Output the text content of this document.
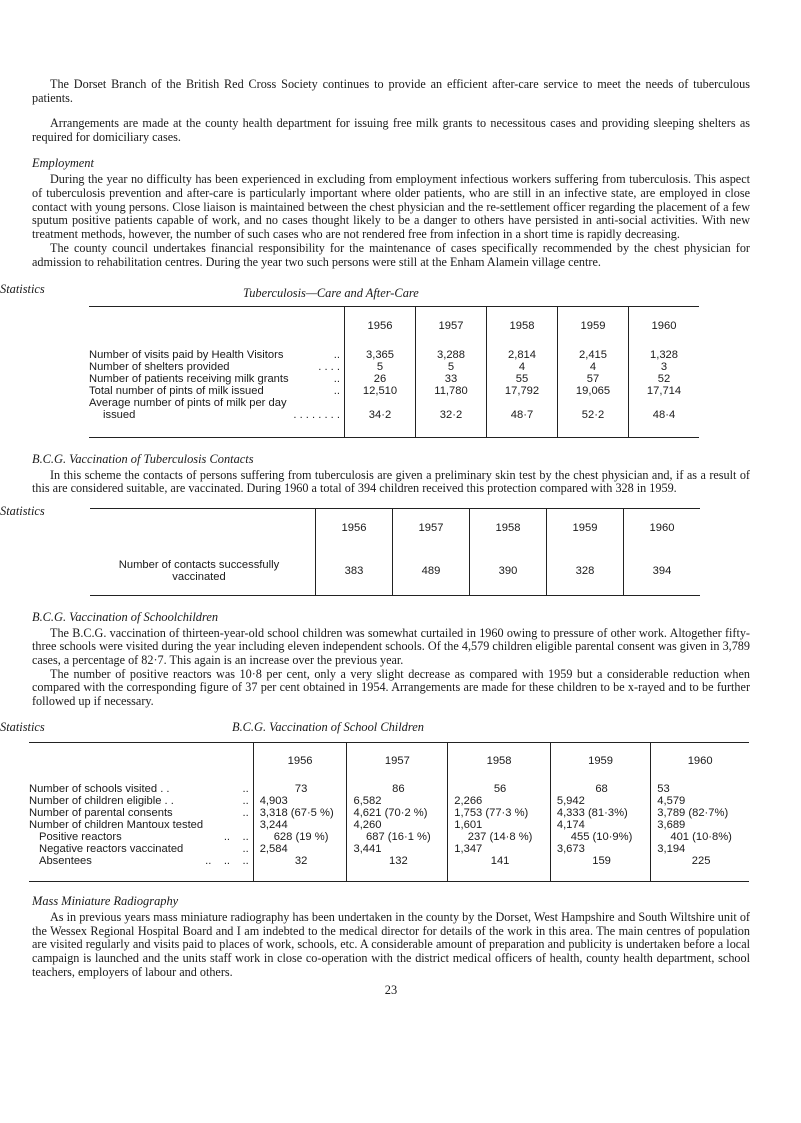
The Dorset Branch of the British Red Cross Society continues to provide an efficient after-care service to meet the needs of tuberculous patients.

Arrangements are made at the county health department for issuing free milk grants to necessitous cases and providing sleeping shelters as required for domiciliary cases.

Employment

During the year no difficulty has been experienced in excluding from employment infectious workers suffering from tuberculosis. This aspect of tuberculosis prevention and after-care is particularly important where older patients, who are still in an infective state, are employed in close contact with young persons. Close liaison is maintained between the chest physician and the re-settlement officer regarding the placement of a few sputum positive patients capable of work, and no cases thought likely to be a danger to others have persisted in anti-social activities. With new treatment methods, however, the number of such cases who are not rendered free from infection in a short time is rapidly decreasing.

The county council undertakes financial responsibility for the maintenance of cases specifically recommended by the chest physician for admission to rehabilitation centres. During the year two such persons were still at the Enham Alamein village centre.

Statistics	Tuberculosis—Care and After-Care
	1956	1957	1958	1959	1960

Number of visits paid by Health Visitors ..	3,365	3,288	2,814	2,415	1,328

Number of shelters provided . . . .	5	5	4	4	3

Number of patients receiving milk grants ..	26	33	55	57	52

Total number of pints of milk issued ..	12,510	11,780	17,792	19,065	17,714

Average number of pints of milk per day
issued . . . . . . . .	34·2	32·2	48·7	52·2	48·4
B.C.G. Vaccination of Tuberculosis Contacts

In this scheme the contacts of persons suffering from tuberculosis are given a preliminary skin test by the chest physician and, if as a result of this are considered suitable, are vaccinated. During 1960 a total of 394 children received this protection compared with 328 in 1959.

Statistics
	1956	1957	1958	1959	1960
Number of contacts successfully vaccinated	383	489	390	328	394
B.C.G. Vaccination of Schoolchildren

The B.C.G. vaccination of thirteen-year-old school children was somewhat curtailed in 1960 owing to pressure of other work. Altogether fifty-three schools were visited during the year including eleven independent schools. Of the 4,579 children eligible parental consent was given in 3,789 cases, a percentage of 82·7. This again is an increase over the previous year.

The number of positive reactors was 10·8 per cent, only a very slight decrease as compared with 1959 but a considerable reduction when compared with the corresponding figure of 37 per cent obtained in 1954. Arrangements are made for these children to be x-rayed and to be further followed up if necessary.

Statistics	B.C.G. Vaccination of School Children
	1956	1957	1958	1959	1960

Number of schools visited . . ..	73	86	56	68	53

Number of children eligible . . ..	4,903	6,582	2,266	5,942	4,579

Number of parental consents ..	3,318 (67·5 %)	4,621 (70·2 %)	1,753 (77·3 %)	4,333 (81·3%)	3,789 (82·7%)
Number of children Mantoux tested	3,244	4,260	1,601	4,174	3,689

Positive reactors ..    ..	628 (19 %)	687 (16·1 %)	237 (14·8 %)	455 (10·9%)	401 (10·8%)

Negative reactors vaccinated ..	2,584	3,441	1,347	3,673	3,194

Absentees ..    ..    ..	32	132	141	159	225
Mass Miniature Radiography

As in previous years mass miniature radiography has been undertaken in the county by the Dorset, West Hampshire and South Wiltshire unit of the Wessex Regional Hospital Board and I am indebted to the medical director for details of the work in this area. The main centres of population are visited regularly and visits paid to places of work, schools, etc. A considerable amount of preparation and publicity is undertaken before a local campaign is launched and the units staff work in close co-operation with the district medical officers of health, county health department, school teachers, employers of labour and others.

23
